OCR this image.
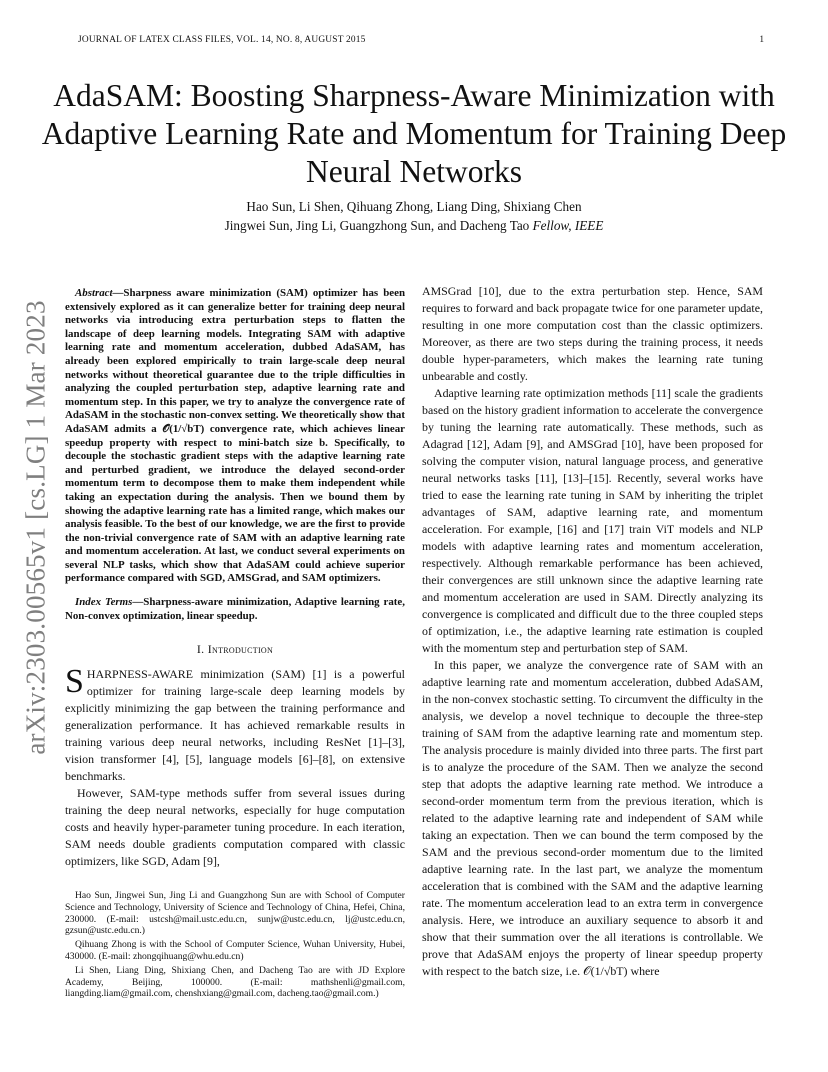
JOURNAL OF LATEX CLASS FILES, VOL. 14, NO. 8, AUGUST 2015	1
arXiv:2303.00565v1 [cs.LG] 1 Mar 2023
AdaSAM: Boosting Sharpness-Aware Minimization with Adaptive Learning Rate and Momentum for Training Deep Neural Networks
Hao Sun, Li Shen, Qihuang Zhong, Liang Ding, Shixiang Chen
Jingwei Sun, Jing Li, Guangzhong Sun, and Dacheng Tao Fellow, IEEE

Abstract—Sharpness aware minimization (SAM) optimizer has been extensively explored as it can generalize better for training deep neural networks via introducing extra perturbation steps to flatten the landscape of deep learning models. Integrating SAM with adaptive learning rate and momentum acceleration, dubbed AdaSAM, has already been explored empirically to train large-scale deep neural networks without theoretical guarantee due to the triple difficulties in analyzing the coupled perturbation step, adaptive learning rate and momentum step. In this paper, we try to analyze the convergence rate of AdaSAM in the stochastic non-convex setting. We theoretically show that AdaSAM admits a 𝒪(1/√bT) convergence rate, which achieves linear speedup property with respect to mini-batch size b. Specifically, to decouple the stochastic gradient steps with the adaptive learning rate and perturbed gradient, we introduce the delayed second-order momentum term to decompose them to make them independent while taking an expectation during the analysis. Then we bound them by showing the adaptive learning rate has a limited range, which makes our analysis feasible. To the best of our knowledge, we are the first to provide the non-trivial convergence rate of SAM with an adaptive learning rate and momentum acceleration. At last, we conduct several experiments on several NLP tasks, which show that AdaSAM could achieve superior performance compared with SGD, AMSGrad, and SAM optimizers.

Index Terms—Sharpness-aware minimization, Adaptive learning rate, Non-convex optimization, linear speedup.

I. Introduction

SHARPNESS-AWARE minimization (SAM) [1] is a powerful optimizer for training large-scale deep learning models by explicitly minimizing the gap between the training performance and generalization performance. It has achieved remarkable results in training various deep neural networks, including ResNet [1]–[3], vision transformer [4], [5], language models [6]–[8], on extensive benchmarks.

However, SAM-type methods suffer from several issues during training the deep neural networks, especially for huge computation costs and heavily hyper-parameter tuning procedure. In each iteration, SAM needs double gradients computation compared with classic optimizers, like SGD, Adam [9],

Hao Sun, Jingwei Sun, Jing Li and Guangzhong Sun are with School of Computer Science and Technology, University of Science and Technology of China, Hefei, China, 230000. (E-mail: ustcsh@mail.ustc.edu.cn, sunjw@ustc.edu.cn, lj@ustc.edu.cn, gzsun@ustc.edu.cn.)

Qihuang Zhong is with the School of Computer Science, Wuhan University, Hubei, 430000. (E-mail: zhongqihuang@whu.edu.cn)

Li Shen, Liang Ding, Shixiang Chen, and Dacheng Tao are with JD Explore Academy, Beijing, 100000. (E-mail: mathshenli@gmail.com, liangding.liam@gmail.com, chenshxiang@gmail.com, dacheng.tao@gmail.com.)

AMSGrad [10], due to the extra perturbation step. Hence, SAM requires to forward and back propagate twice for one parameter update, resulting in one more computation cost than the classic optimizers. Moreover, as there are two steps during the training process, it needs double hyper-parameters, which makes the learning rate tuning unbearable and costly.

Adaptive learning rate optimization methods [11] scale the gradients based on the history gradient information to accelerate the convergence by tuning the learning rate automatically. These methods, such as Adagrad [12], Adam [9], and AMSGrad [10], have been proposed for solving the computer vision, natural language process, and generative neural networks tasks [11], [13]–[15]. Recently, several works have tried to ease the learning rate tuning in SAM by inheriting the triplet advantages of SAM, adaptive learning rate, and momentum acceleration. For example, [16] and [17] train ViT models and NLP models with adaptive learning rates and momentum acceleration, respectively. Although remarkable performance has been achieved, their convergences are still unknown since the adaptive learning rate and momentum acceleration are used in SAM. Directly analyzing its convergence is complicated and difficult due to the three coupled steps of optimization, i.e., the adaptive learning rate estimation is coupled with the momentum step and perturbation step of SAM.

In this paper, we analyze the convergence rate of SAM with an adaptive learning rate and momentum acceleration, dubbed AdaSAM, in the non-convex stochastic setting. To circumvent the difficulty in the analysis, we develop a novel technique to decouple the three-step training of SAM from the adaptive learning rate and momentum step. The analysis procedure is mainly divided into three parts. The first part is to analyze the procedure of the SAM. Then we analyze the second step that adopts the adaptive learning rate method. We introduce a second-order momentum term from the previous iteration, which is related to the adaptive learning rate and independent of SAM while taking an expectation. Then we can bound the term composed by the SAM and the previous second-order momentum due to the limited adaptive learning rate. In the last part, we analyze the momentum acceleration that is combined with the SAM and the adaptive learning rate. The momentum acceleration lead to an extra term in convergence analysis. Here, we introduce an auxiliary sequence to absorb it and show that their summation over the all iterations is controllable. We prove that AdaSAM enjoys the property of linear speedup property with respect to the batch size, i.e. 𝒪(1/√bT) where
